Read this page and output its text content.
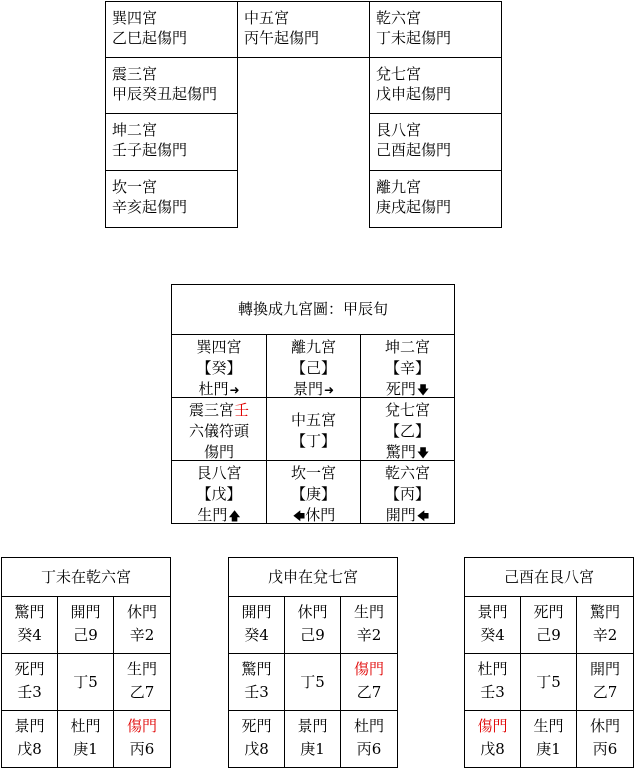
巽四宮
乙巳起傷門
中五宮
丙午起傷門
乾六宮
丁未起傷門
震三宮
甲辰癸丑起傷門
兌七宮
戊申起傷門
坤二宮
壬子起傷門
艮八宮
己酉起傷門
坎一宮
辛亥起傷門
離九宮
庚戌起傷門
轉換成九宮圖：甲辰旬
巽四宮
【癸】
杜門➜
離九宮
【己】
景門➜
坤二宮
【辛】
死門🡇
震三宮壬
六儀符頭
傷門
中五宮
【丁】
兌七宮
【乙】
驚門🡇
艮八宮
【戊】
生門🡅
坎一宮
【庚】
🡄休門
乾六宮
【丙】
開門🡄
丁未在乾六宮
驚門
癸4
開門
己9
休門
辛2
死門
壬3
丁5
生門
乙7
景門
戊8
杜門
庚1
傷門
丙6
戊申在兌七宮
開門
癸4
休門
己9
生門
辛2
驚門
壬3
丁5
傷門
乙7
死門
戊8
景門
庚1
杜門
丙6
己酉在艮八宮
景門
癸4
死門
己9
驚門
辛2
杜門
壬3
丁5
開門
乙7
傷門
戊8
生門
庚1
休門
丙6
